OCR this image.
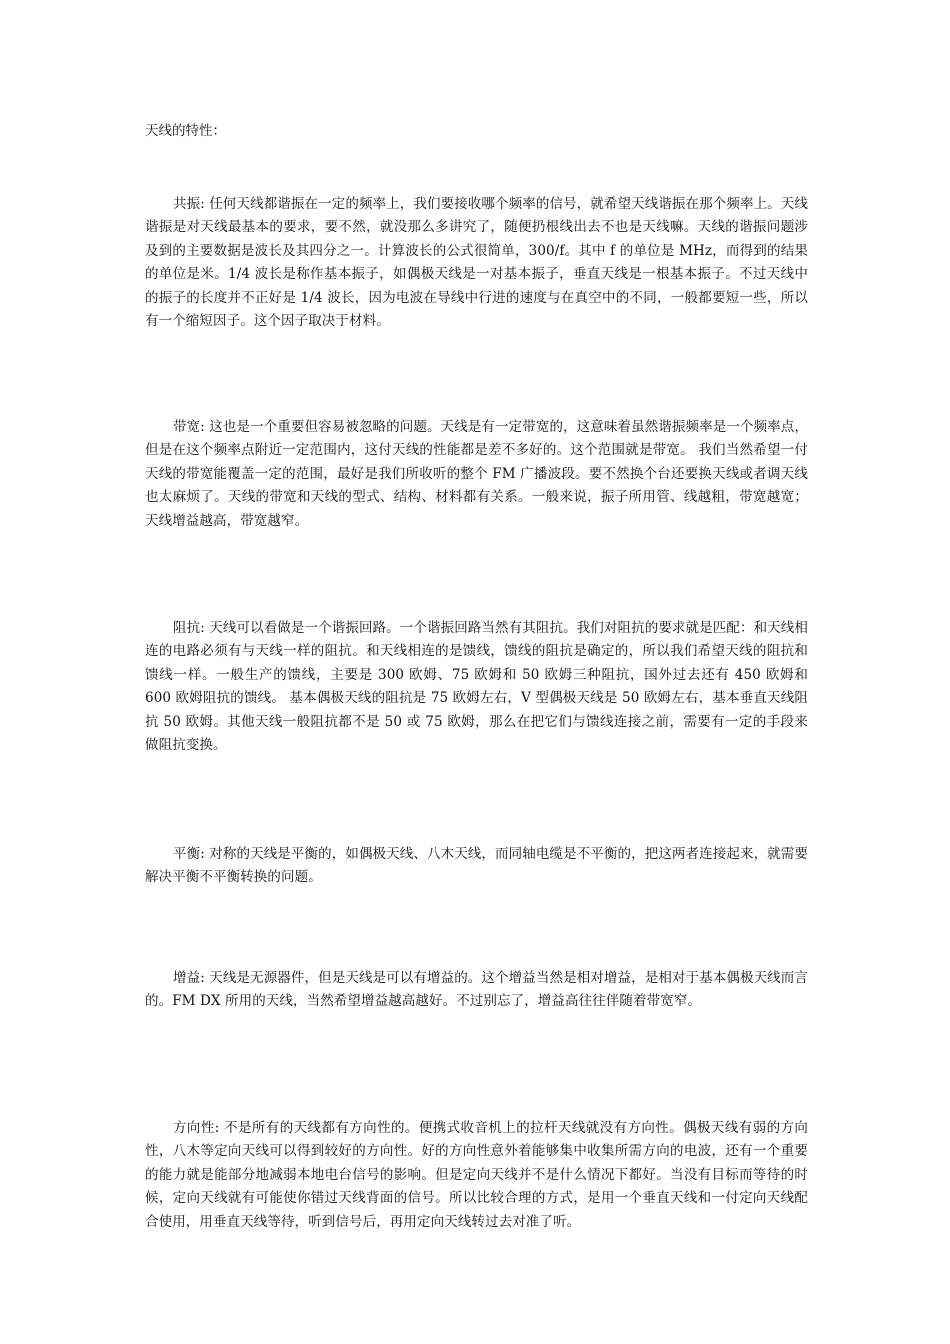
天线的特性：

共振: 任何天线都谐振在一定的频率上，我们要接收哪个频率的信号，就希望天线谐振在那个频率上。天线谐振是对天线最基本的要求，要不然，就没那么多讲究了，随便扔根线出去不也是天线嘛。天线的谐振问题涉及到的主要数据是波长及其四分之一。计算波长的公式很简单，300/f。其中 f 的单位是 MHz，而得到的结果的单位是米。1/4 波长是称作基本振子，如偶极天线是一对基本振子，垂直天线是一根基本振子。不过天线中的振子的长度并不正好是 1/4 波长，因为电波在导线中行进的速度与在真空中的不同，一般都要短一些，所以有一个缩短因子。这个因子取决于材料。

带宽: 这也是一个重要但容易被忽略的问题。天线是有一定带宽的，这意味着虽然谐振频率是一个频率点，但是在这个频率点附近一定范围内，这付天线的性能都是差不多好的。这个范围就是带宽。 我们当然希望一付天线的带宽能覆盖一定的范围，最好是我们所收听的整个 FM 广播波段。要不然换个台还要换天线或者调天线也太麻烦了。天线的带宽和天线的型式、结构、材料都有关系。一般来说，振子所用管、线越粗，带宽越宽；天线增益越高，带宽越窄。

阻抗: 天线可以看做是一个谐振回路。一个谐振回路当然有其阻抗。我们对阻抗的要求就是匹配：和天线相连的电路必须有与天线一样的阻抗。和天线相连的是馈线，馈线的阻抗是确定的，所以我们希望天线的阻抗和馈线一样。一般生产的馈线，主要是 300 欧姆、75 欧姆和 50 欧姆三种阻抗，国外过去还有 450 欧姆和 600 欧姆阻抗的馈线。 基本偶极天线的阻抗是 75 欧姆左右，V 型偶极天线是 50 欧姆左右，基本垂直天线阻抗 50 欧姆。其他天线一般阻抗都不是 50 或 75 欧姆，那么在把它们与馈线连接之前，需要有一定的手段来做阻抗变换。

平衡: 对称的天线是平衡的，如偶极天线、八木天线，而同轴电缆是不平衡的，把这两者连接起来，就需要解决平衡不平衡转换的问题。

增益: 天线是无源器件，但是天线是可以有增益的。这个增益当然是相对增益，是相对于基本偶极天线而言的。FM DX 所用的天线，当然希望增益越高越好。不过别忘了，增益高往往伴随着带宽窄。

方向性: 不是所有的天线都有方向性的。便携式收音机上的拉杆天线就没有方向性。偶极天线有弱的方向性，八木等定向天线可以得到较好的方向性。好的方向性意外着能够集中收集所需方向的电波，还有一个重要的能力就是能部分地减弱本地电台信号的影响。但是定向天线并不是什么情况下都好。当没有目标而等待的时候，定向天线就有可能使你错过天线背面的信号。所以比较合理的方式，是用一个垂直天线和一付定向天线配合使用，用垂直天线等待，听到信号后，再用定向天线转过去对准了听。
